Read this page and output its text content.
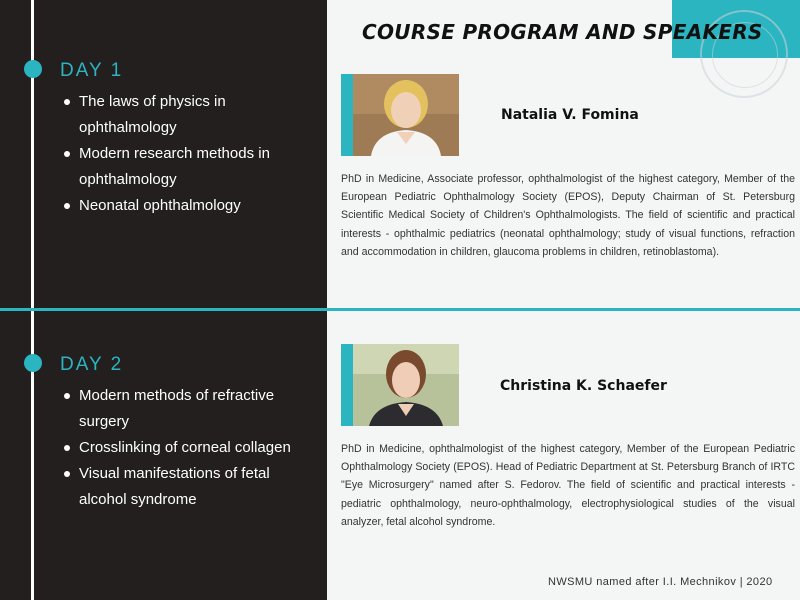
COURSE PROGRAM AND SPEAKERS
DAY 1
The laws of physics in ophthalmology
Modern research methods in ophthalmology
Neonatal ophthalmology
DAY 2
Modern methods of refractive surgery
Crosslinking of corneal collagen
Visual manifestations of fetal alcohol syndrome
Natalia V. Fomina

PhD in Medicine, Associate professor, ophthalmologist of the highest category, Member of the European Pediatric Ophthalmology Society (EPOS), Deputy Chairman of St. Petersburg Scientific Medical Society of Children's Ophthalmologists. The field of scientific and practical interests - ophthalmic pediatrics (neonatal ophthalmology; study of visual functions, refraction and accommodation in children, glaucoma problems in children, retinoblastoma).

Christina K. Schaefer

PhD in Medicine, ophthalmologist of the highest category, Member of the European Pediatric Ophthalmology Society (EPOS). Head of Pediatric Department at St. Petersburg Branch of IRTC "Eye Microsurgery" named after S. Fedorov. The field of scientific and practical interests - pediatric ophthalmology, neuro-ophthalmology, electrophysiological studies of the visual analyzer, fetal alcohol syndrome.

NWSMU named after I.I. Mechnikov | 2020
